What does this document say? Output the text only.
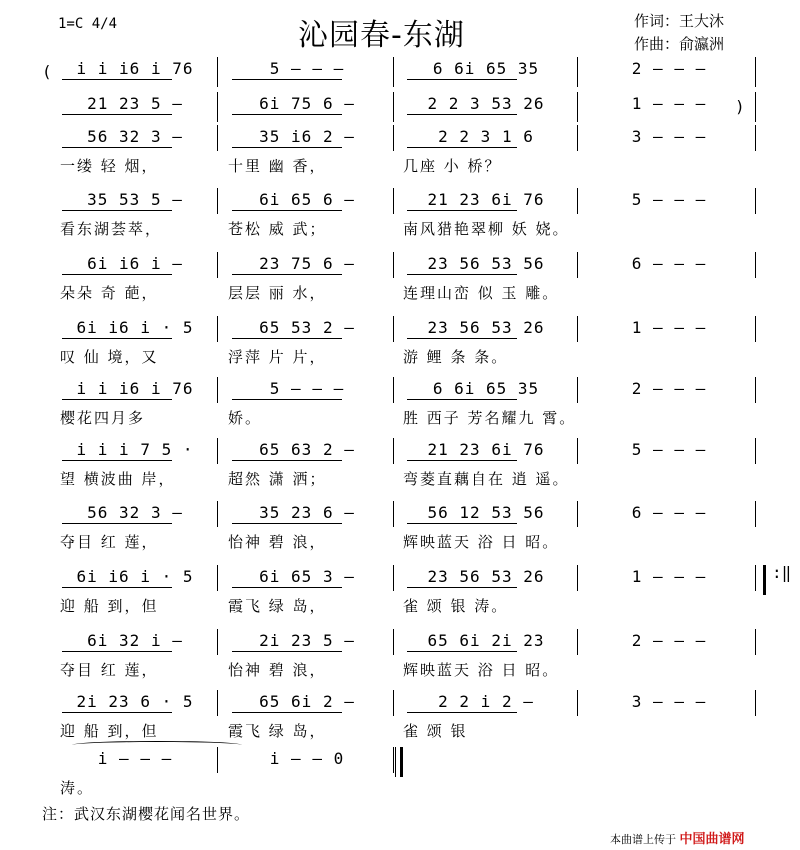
1=C 4/4	沁园春-东湖	作词：王大沐
作曲：俞瀛洲
(
)
i i i6 i 76	5 — — —	6 6i 65 35	2 — — —
21 23 5 —	6i 75 6 —	2 2 3 53 26	1 — — —
56 32 3 —	35 i6 2 —	2 2 3 1 6	3 — — —
一缕 轻 烟，	十里 幽 香，	几座 小 桥？
35 53 5 —	6i 65 6 —	21 23 6i 76	5 — — —
看东湖荟萃，	苍松 威 武；	南风猎艳翠柳 妖 娆。
6i i6 i —	23 75 6 —	23 56 53 56	6 — — —
朵朵 奇 葩，	层层 丽 水，	连理山峦 似 玉 雕。
6i i6 i · 5	65 53 2 —	23 56 53 26	1 — — —
叹 仙 境，又	浮萍 片 片，	游 鲤 条 条。
i i i6 i 76	5 — — —	6 6i 65 35	2 — — —
樱花四月多	娇。	胜 西子 芳名耀九 霄。
i i i 7 5 ·	65 63 2 —	21 23 6i 76	5 — — —
望 横波曲 岸，	超然 潇 洒；	弯菱直藕自在 逍 遥。
56 32 3 —	35 23 6 —	56 12 53 56	6 — — —
夺目 红 莲，	怡神 碧 浪，	辉映蓝天 浴 日 昭。
6i i6 i · 5	6i 65 3 —	23 56 53 26	1 — — —
迎 船 到，但	霞飞 绿 岛，	雀 颂 银 涛。
6i 32 i —	2i 23 5 —	65 6i 2i 23	2 — — —
夺目 红 莲，	怡神 碧 浪，	辉映蓝天 浴 日 昭。
2i 23 6 · 5	65 6i 2 —	2 2 i 2 —	3 — — —
迎 船 到，但	霞飞 绿 岛，	雀 颂 银
i — — —	i — — 0
涛。
:‖
注：武汉东湖樱花闻名世界。
本曲谱上传于 中国曲谱网
